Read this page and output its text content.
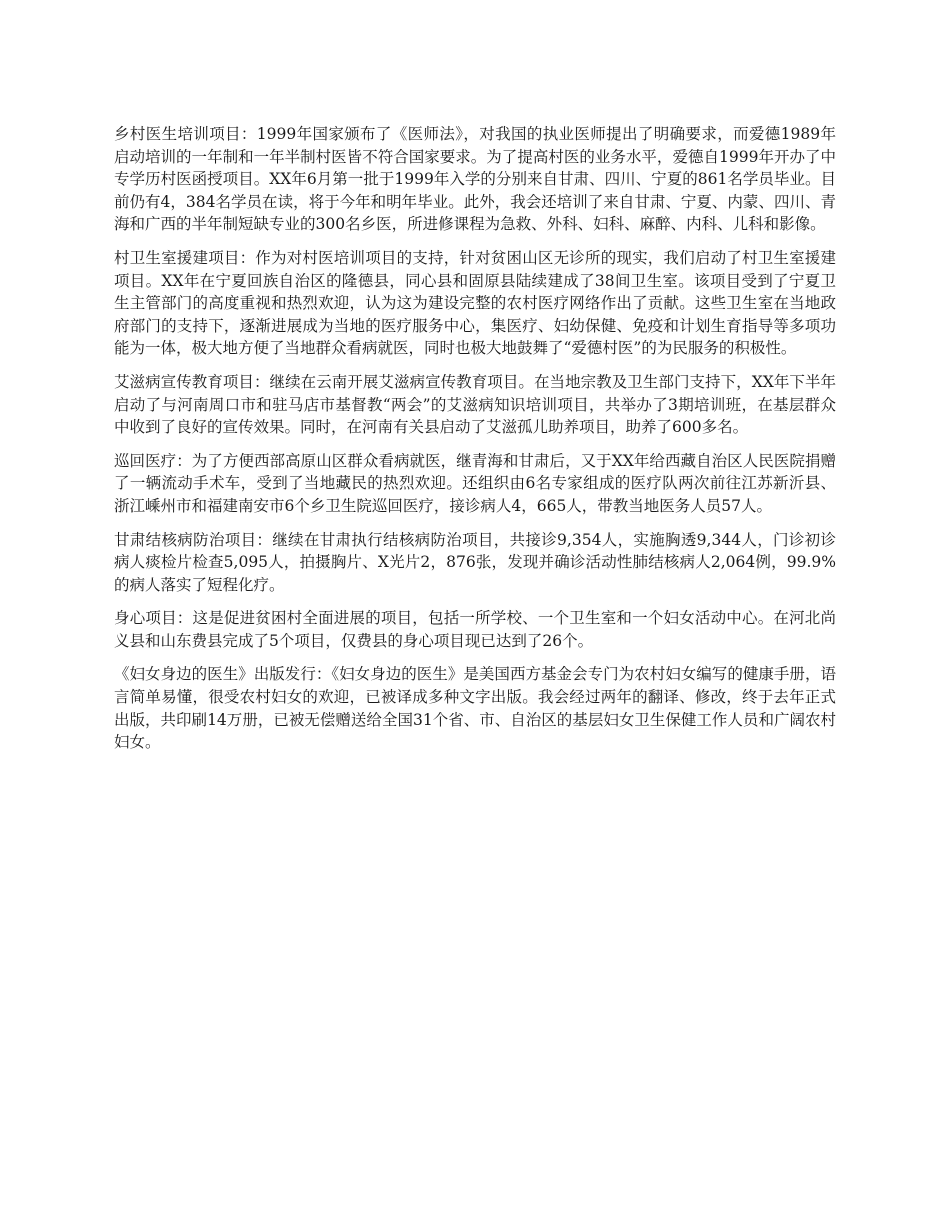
乡村医生培训项目：1999年国家颁布了《医师法》，对我国的执业医师提出了明确要求，而爱德1989年启动培训的一年制和一年半制村医皆不符合国家要求。为了提高村医的业务水平，爱德自1999年开办了中专学历村医函授项目。XX年6月第一批于1999年入学的分别来自甘肃、四川、宁夏的861名学员毕业。目前仍有4，384名学员在读，将于今年和明年毕业。此外，我会还培训了来自甘肃、宁夏、内蒙、四川、青海和广西的半年制短缺专业的300名乡医，所进修课程为急救、外科、妇科、麻醉、内科、儿科和影像。

村卫生室援建项目：作为对村医培训项目的支持，针对贫困山区无诊所的现实，我们启动了村卫生室援建项目。XX年在宁夏回族自治区的隆德县，同心县和固原县陆续建成了38间卫生室。该项目受到了宁夏卫生主管部门的高度重视和热烈欢迎，认为这为建设完整的农村医疗网络作出了贡献。这些卫生室在当地政府部门的支持下，逐渐进展成为当地的医疗服务中心，集医疗、妇幼保健、免疫和计划生育指导等多项功能为一体，极大地方便了当地群众看病就医，同时也极大地鼓舞了“爱德村医”的为民服务的积极性。

艾滋病宣传教育项目：继续在云南开展艾滋病宣传教育项目。在当地宗教及卫生部门支持下，XX年下半年启动了与河南周口市和驻马店市基督教“两会”的艾滋病知识培训项目，共举办了3期培训班，在基层群众中收到了良好的宣传效果。同时，在河南有关县启动了艾滋孤儿助养项目，助养了600多名。

巡回医疗：为了方便西部高原山区群众看病就医，继青海和甘肃后，又于XX年给西藏自治区人民医院捐赠了一辆流动手术车，受到了当地藏民的热烈欢迎。还组织由6名专家组成的医疗队两次前往江苏新沂县、浙江嵊州市和福建南安市6个乡卫生院巡回医疗，接诊病人4，665人，带教当地医务人员57人。

甘肃结核病防治项目：继续在甘肃执行结核病防治项目，共接诊9,354人，实施胸透9,344人，门诊初诊病人痰检片检查5,095人，拍摄胸片、X光片2，876张，发现并确诊活动性肺结核病人2,064例，99.9%的病人落实了短程化疗。

身心项目：这是促进贫困村全面进展的项目，包括一所学校、一个卫生室和一个妇女活动中心。在河北尚义县和山东费县完成了5个项目，仅费县的身心项目现已达到了26个。

《妇女身边的医生》出版发行：《妇女身边的医生》是美国西方基金会专门为农村妇女编写的健康手册，语言简单易懂，很受农村妇女的欢迎，已被译成多种文字出版。我会经过两年的翻译、修改，终于去年正式出版，共印刷14万册，已被无偿赠送给全国31个省、市、自治区的基层妇女卫生保健工作人员和广阔农村妇女。
